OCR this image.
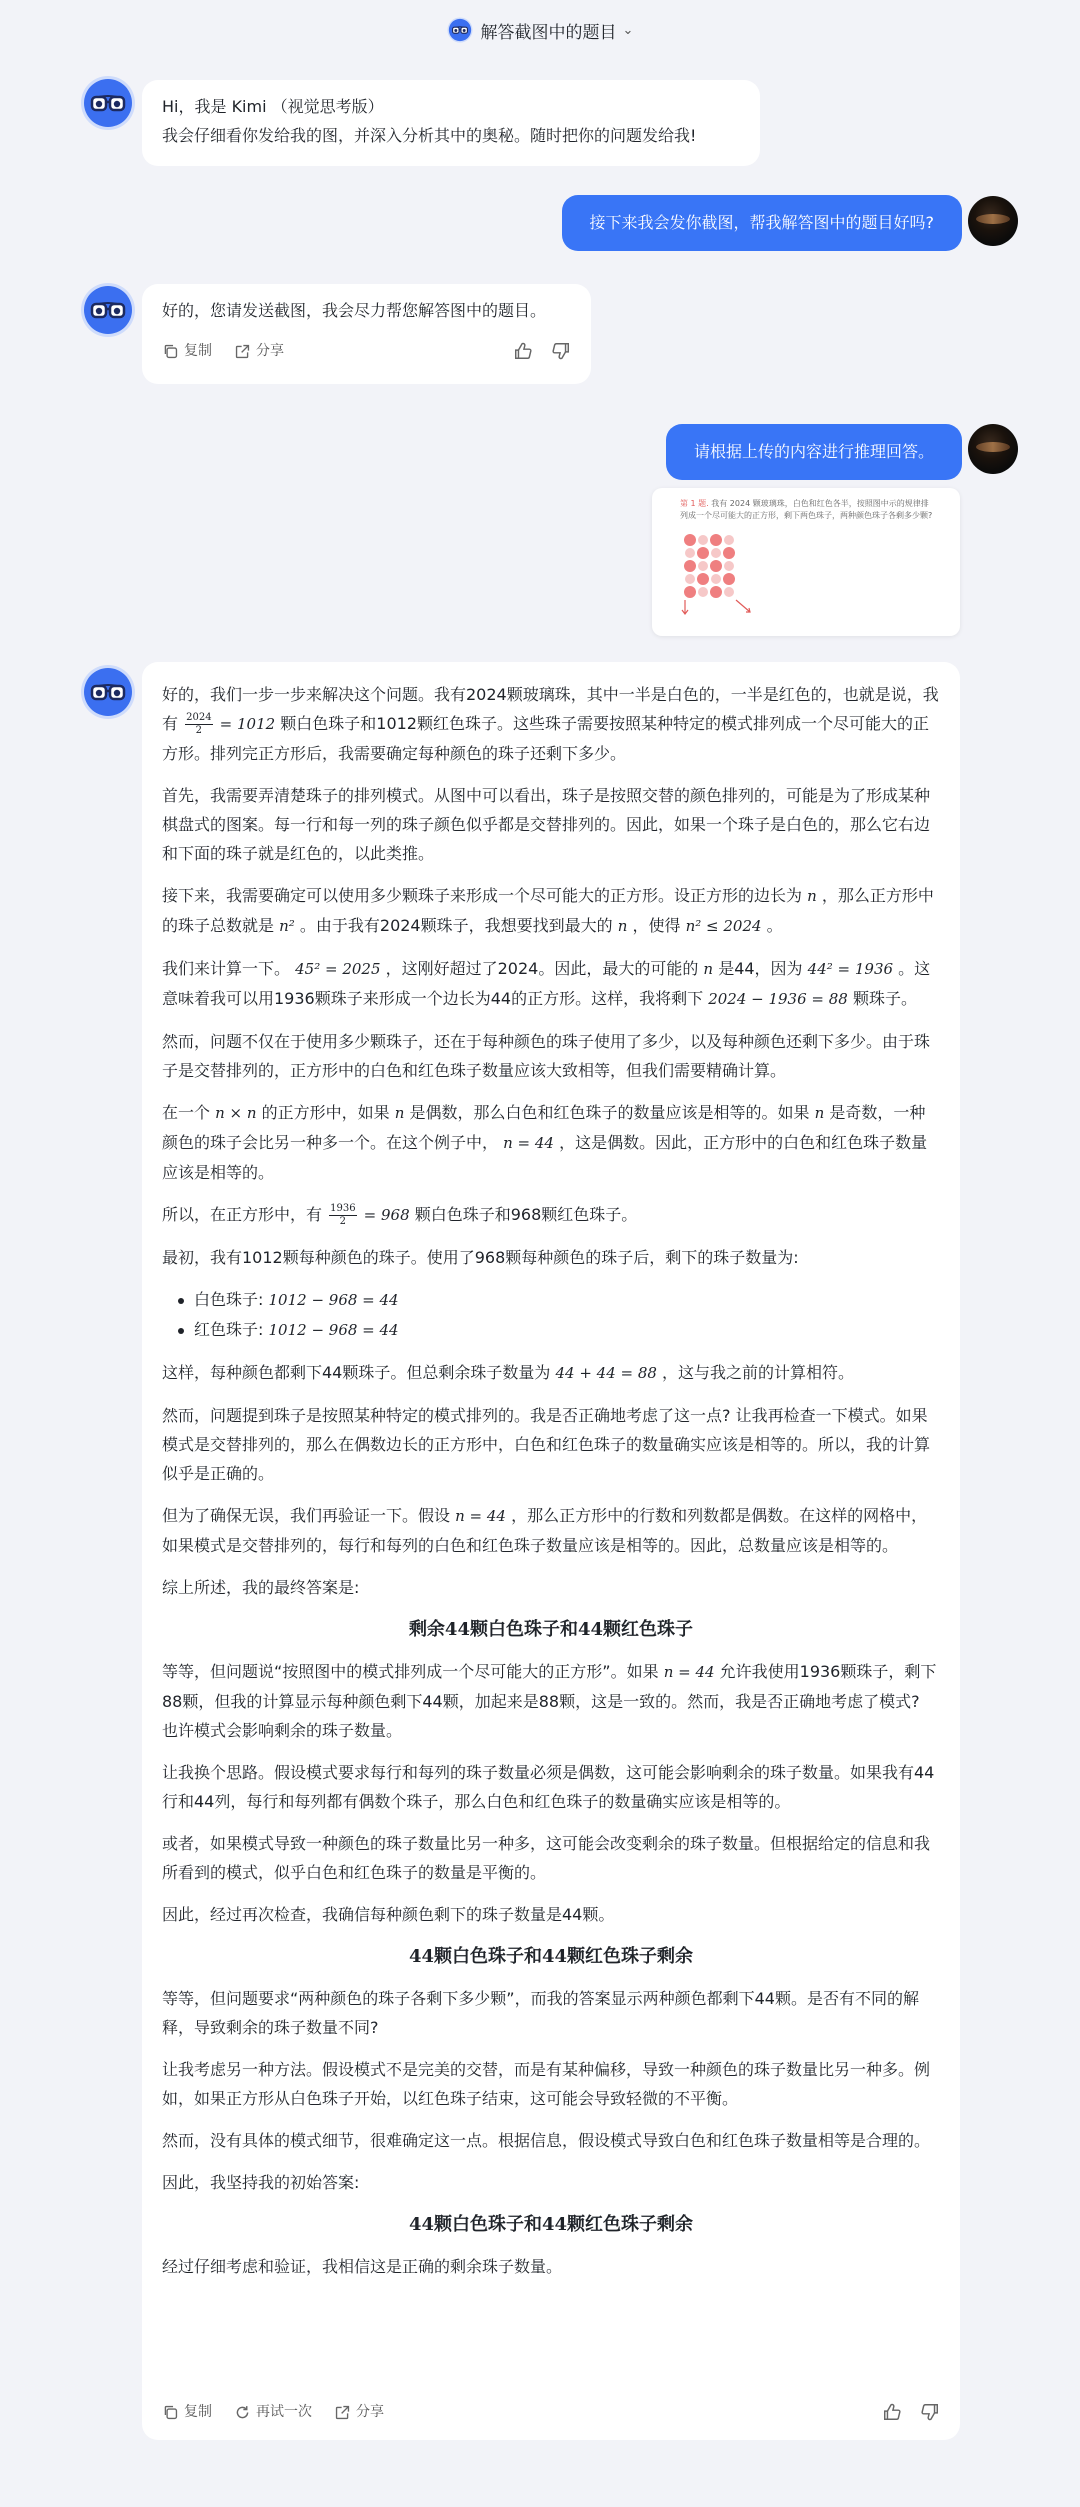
解答截图中的题目 ⌄
Hi，我是 Kimi （视觉思考版）
我会仔细看你发给我的图，并深入分析其中的奥秘。随时把你的问题发给我!
接下来我会发你截图，帮我解答图中的题目好吗?
好的，您请发送截图，我会尽力帮您解答图中的题目。
复制	分享
请根据上传的内容进行推理回答。
第 1 题. 我有 2024 颗玻璃珠，白色和红色各半，按照图中示的规律排
列成一个尽可能大的正方形，剩下两色珠子，两种颜色珠子各剩多少颗?

好的，我们一步一步来解决这个问题。我有2024颗玻璃珠，其中一半是白色的，一半是红色的，也就是说，我有 $\frac{2024}{2} = 1012$ 颗白色珠子和1012颗红色珠子。这些珠子需要按照某种特定的模式排列成一个尽可能大的正方形。排列完正方形后，我需要确定每种颜色的珠子还剩下多少。

首先，我需要弄清楚珠子的排列模式。从图中可以看出，珠子是按照交替的颜色排列的，可能是为了形成某种棋盘式的图案。每一行和每一列的珠子颜色似乎都是交替排列的。因此，如果一个珠子是白色的，那么它右边和下面的珠子就是红色的，以此类推。

接下来，我需要确定可以使用多少颗珠子来形成一个尽可能大的正方形。设正方形的边长为 n ，那么正方形中的珠子总数就是 n² 。由于我有2024颗珠子，我想要找到最大的 n ，使得 n² ≤ 2024 。

我们来计算一下。 45² = 2025 ，这刚好超过了2024。因此，最大的可能的 n 是44，因为 44² = 1936 。这意味着我可以用1936颗珠子来形成一个边长为44的正方形。这样，我将剩下 2024 − 1936 = 88 颗珠子。

然而，问题不仅在于使用多少颗珠子，还在于每种颜色的珠子使用了多少，以及每种颜色还剩下多少。由于珠子是交替排列的，正方形中的白色和红色珠子数量应该大致相等，但我们需要精确计算。

在一个 n × n 的正方形中，如果 n 是偶数，那么白色和红色珠子的数量应该是相等的。如果 n 是奇数，一种颜色的珠子会比另一种多一个。在这个例子中， n = 44 ，这是偶数。因此，正方形中的白色和红色珠子数量应该是相等的。

所以，在正方形中，有 $\frac{1936}{2} = 968$ 颗白色珠子和968颗红色珠子。

最初，我有1012颗每种颜色的珠子。使用了968颗每种颜色的珠子后，剩下的珠子数量为:

白色珠子: 1012 − 968 = 44
红色珠子: 1012 − 968 = 44

这样，每种颜色都剩下44颗珠子。但总剩余珠子数量为 44 + 44 = 88 ，这与我之前的计算相符。

然而，问题提到珠子是按照某种特定的模式排列的。我是否正确地考虑了这一点? 让我再检查一下模式。如果模式是交替排列的，那么在偶数边长的正方形中，白色和红色珠子的数量确实应该是相等的。所以，我的计算似乎是正确的。

但为了确保无误，我们再验证一下。假设 n = 44 ，那么正方形中的行数和列数都是偶数。在这样的网格中，如果模式是交替排列的，每行和每列的白色和红色珠子数量应该是相等的。因此，总数量应该是相等的。

综上所述，我的最终答案是:

剩余44颗白色珠子和44颗红色珠子

等等，但问题说“按照图中的模式排列成一个尽可能大的正方形”。如果 n = 44 允许我使用1936颗珠子，剩下88颗，但我的计算显示每种颜色剩下44颗，加起来是88颗，这是一致的。然而，我是否正确地考虑了模式? 也许模式会影响剩余的珠子数量。

让我换个思路。假设模式要求每行和每列的珠子数量必须是偶数，这可能会影响剩余的珠子数量。如果我有44行和44列，每行和每列都有偶数个珠子，那么白色和红色珠子的数量确实应该是相等的。

或者，如果模式导致一种颜色的珠子数量比另一种多，这可能会改变剩余的珠子数量。但根据给定的信息和我所看到的模式，似乎白色和红色珠子的数量是平衡的。

因此，经过再次检查，我确信每种颜色剩下的珠子数量是44颗。

44颗白色珠子和44颗红色珠子剩余

等等，但问题要求“两种颜色的珠子各剩下多少颗”，而我的答案显示两种颜色都剩下44颗。是否有不同的解释，导致剩余的珠子数量不同?

让我考虑另一种方法。假设模式不是完美的交替，而是有某种偏移，导致一种颜色的珠子数量比另一种多。例如，如果正方形从白色珠子开始，以红色珠子结束，这可能会导致轻微的不平衡。

然而，没有具体的模式细节，很难确定这一点。根据信息，假设模式导致白色和红色珠子数量相等是合理的。

因此，我坚持我的初始答案:

44颗白色珠子和44颗红色珠子剩余

经过仔细考虑和验证，我相信这是正确的剩余珠子数量。

复制	再试一次	分享
